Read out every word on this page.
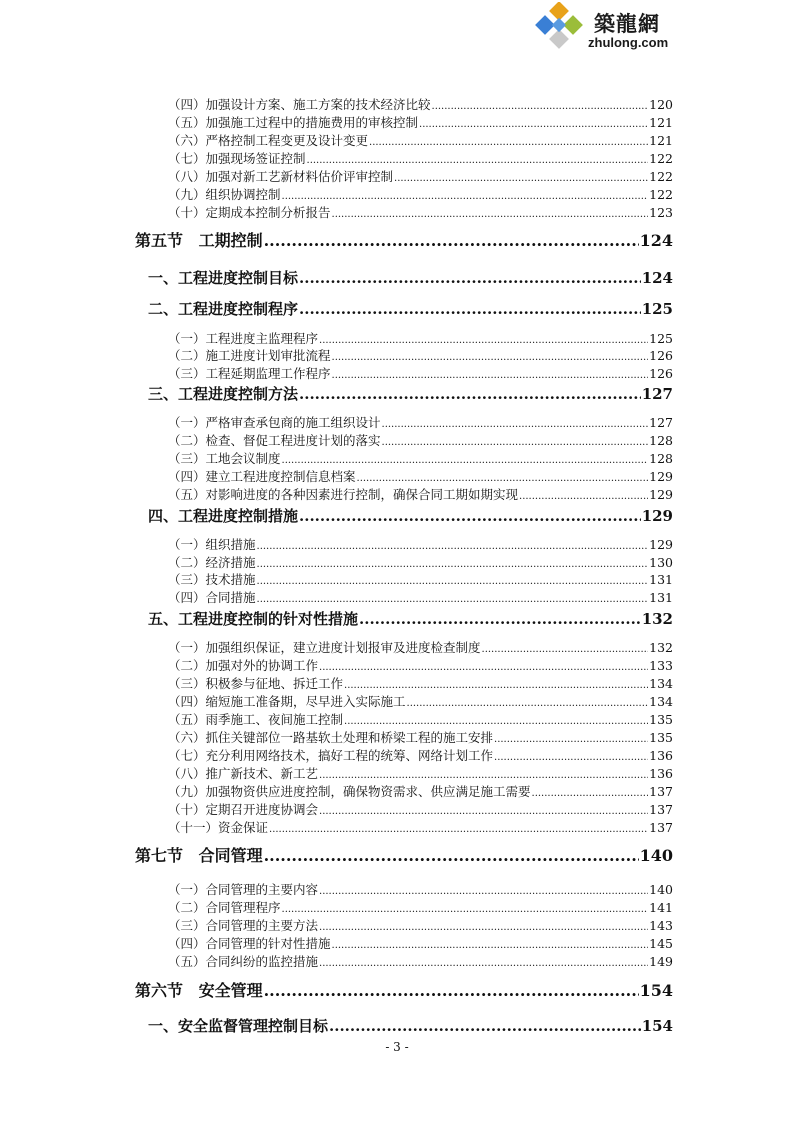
築龍網
zhulong.com
（四）加强设计方案、施工方案的技术经济比较 .....	120
（五）加强施工过程中的措施费用的审核控制 .....	121
（六）严格控制工程变更及设计变更 .....	121
（七）加强现场签证控制 .....	122
（八）加强对新工艺新材料估价评审控制 .....	122
（九）组织协调控制 .....	122
（十）定期成本控制分析报告 .....	123
第五节 工期控制 .....	124
一、工程进度控制目标 .....	124
二、工程进度控制程序 .....	125
（一）工程进度主监理程序 .....	125
（二）施工进度计划审批流程 .....	126
（三）工程延期监理工作程序 .....	126
三、工程进度控制方法 .....	127
（一）严格审查承包商的施工组织设计 .....	127
（二）检查、督促工程进度计划的落实 .....	128
（三）工地会议制度 .....	128
（四）建立工程进度控制信息档案 .....	129
（五）对影响进度的各种因素进行控制，确保合同工期如期实现 .....	129
四、工程进度控制措施 .....	129
（一）组织措施 .....	129
（二）经济措施 .....	130
（三）技术措施 .....	131
（四）合同措施 .....	131
五、工程进度控制的针对性措施 .....	132
（一）加强组织保证，建立进度计划报审及进度检查制度 .....	132
（二）加强对外的协调工作 .....	133
（三）积极参与征地、拆迁工作 .....	134
（四）缩短施工准备期，尽早进入实际施工 .....	134
（五）雨季施工、夜间施工控制 .....	135
（六）抓住关键部位一路基软土处理和桥梁工程的施工安排 .....	135
（七）充分利用网络技术，搞好工程的统筹、网络计划工作 .....	136
（八）推广新技术、新工艺 .....	136
（九）加强物资供应进度控制，确保物资需求、供应满足施工需要 .....	137
（十）定期召开进度协调会 .....	137
（十一）资金保证 .....	137
第七节 合同管理 .....	140
（一）合同管理的主要内容 .....	140
（二）合同管理程序 .....	141
（三）合同管理的主要方法 .....	143
（四）合同管理的针对性措施 .....	145
（五）合同纠纷的监控措施 .....	149
第六节 安全管理 .....	154
一、安全监督管理控制目标 .....	154
- 3 -
